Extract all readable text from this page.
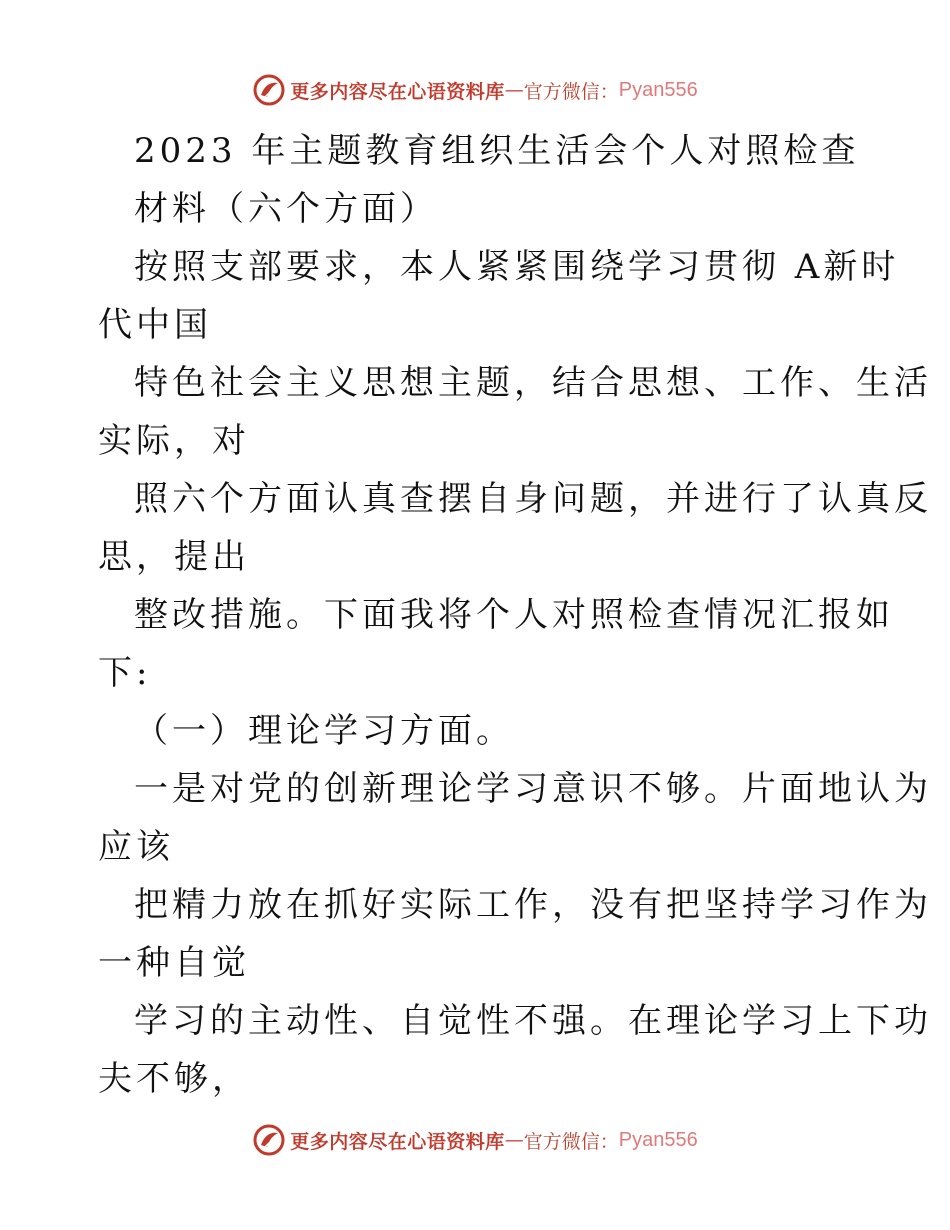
更多内容尽在心语资料库 — 官方微信： Pyan556
2023 年主题教育组织生活会个人对照检查
材料（六个方面）
按照支部要求，本人紧紧围绕学习贯彻 A新时
代中国
特色社会主义思想主题，结合思想、工作、生活
实际，对
照六个方面认真查摆自身问题，并进行了认真反
思，提出
整改措施。下面我将个人对照检查情况汇报如
下:
（一）理论学习方面。
一是对党的创新理论学习意识不够。片面地认为
应该
把精力放在抓好实际工作，没有把坚持学习作为
一种自觉
学习的主动性、自觉性不强。在理论学习上下功
夫不够，
更多内容尽在心语资料库 — 官方微信： Pyan556
